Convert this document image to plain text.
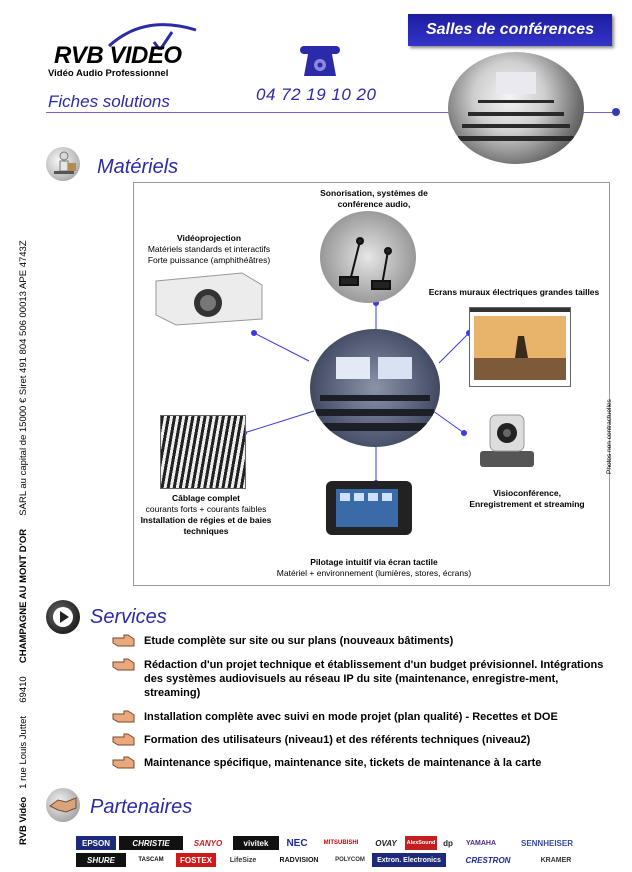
RVB Vidéo   1 rue Louis Juttet     69410     CHAMPAGNE AU MONT D'OR     SARL au capital de 15000 € Siret 491 804 506 00013 APE 4743Z
RVB VIDEO
Vidéo Audio Professionnel
Fiches solutions	04 72 19 10 20
Salles de conférences
Matériels
Sonorisation, systèmes de
conférence audio,
Vidéoprojection
Matériels standards et interactifs
Forte puissance (amphithéâtres)
Ecrans muraux électriques grandes tailles
Câblage complet
courants forts + courants faibles
Installation de régies et de baies
techniques
Visioconférence,
Enregistrement et streaming
Pilotage intuitif via écran tactile
Matériel + environnement (lumières, stores, écrans)
Photos non contractuelles
Services
Etude complète sur site ou sur plans (nouveaux bâtiments)
Rédaction d'un projet technique et établissement d'un budget prévisionnel. Intégrations des systèmes audiovisuels au réseau IP du site (maintenance, enregistre-ment, streaming)
Installation complète avec suivi en mode projet (plan qualité) - Recettes et DOE
Formation des utilisateurs (niveau1) et des référents techniques (niveau2)
Maintenance spécifique, maintenance site, tickets de maintenance à la carte
Partenaires
EPSON	CHRISTIE	SANYO	vivitek	NEC	MITSUBISHI	OVAY	AlexSound dp	YAMAHA	SENNHEISER
SHURE	TASCAM	FOSTEX	LifeSize	RADVISION	POLYCOM	Extron. Electronics	CRESTRON	KRAMER
